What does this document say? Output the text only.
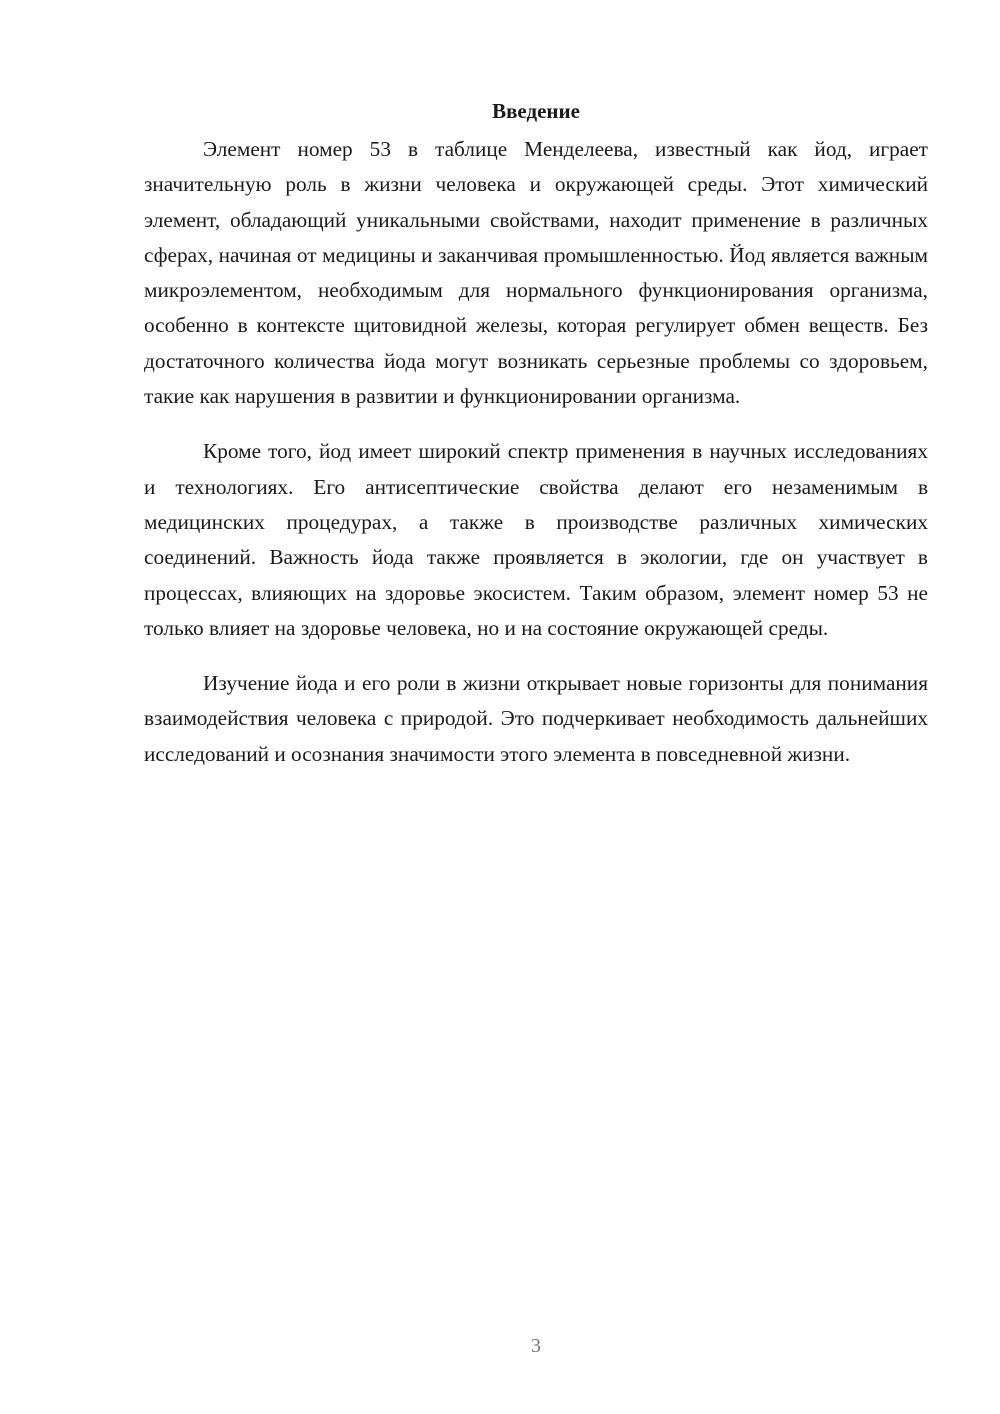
Введение

Элемент номер 53 в таблице Менделеева, известный как йод, играет значительную роль в жизни человека и окружающей среды. Этот химический элемент, обладающий уникальными свойствами, находит применение в различных сферах, начиная от медицины и заканчивая промышленностью. Йод является важным микроэлементом, необходимым для нормального функционирования организма, особенно в контексте щитовидной железы, которая регулирует обмен веществ. Без достаточного количества йода могут возникать серьезные проблемы со здоровьем, такие как нарушения в развитии и функционировании организма.

Кроме того, йод имеет широкий спектр применения в научных исследованиях и технологиях. Его антисептические свойства делают его незаменимым в медицинских процедурах, а также в производстве различных химических соединений. Важность йода также проявляется в экологии, где он участвует в процессах, влияющих на здоровье экосистем. Таким образом, элемент номер 53 не только влияет на здоровье человека, но и на состояние окружающей среды.

Изучение йода и его роли в жизни открывает новые горизонты для понимания взаимодействия человека с природой. Это подчеркивает необходимость дальнейших исследований и осознания значимости этого элемента в повседневной жизни.

3
